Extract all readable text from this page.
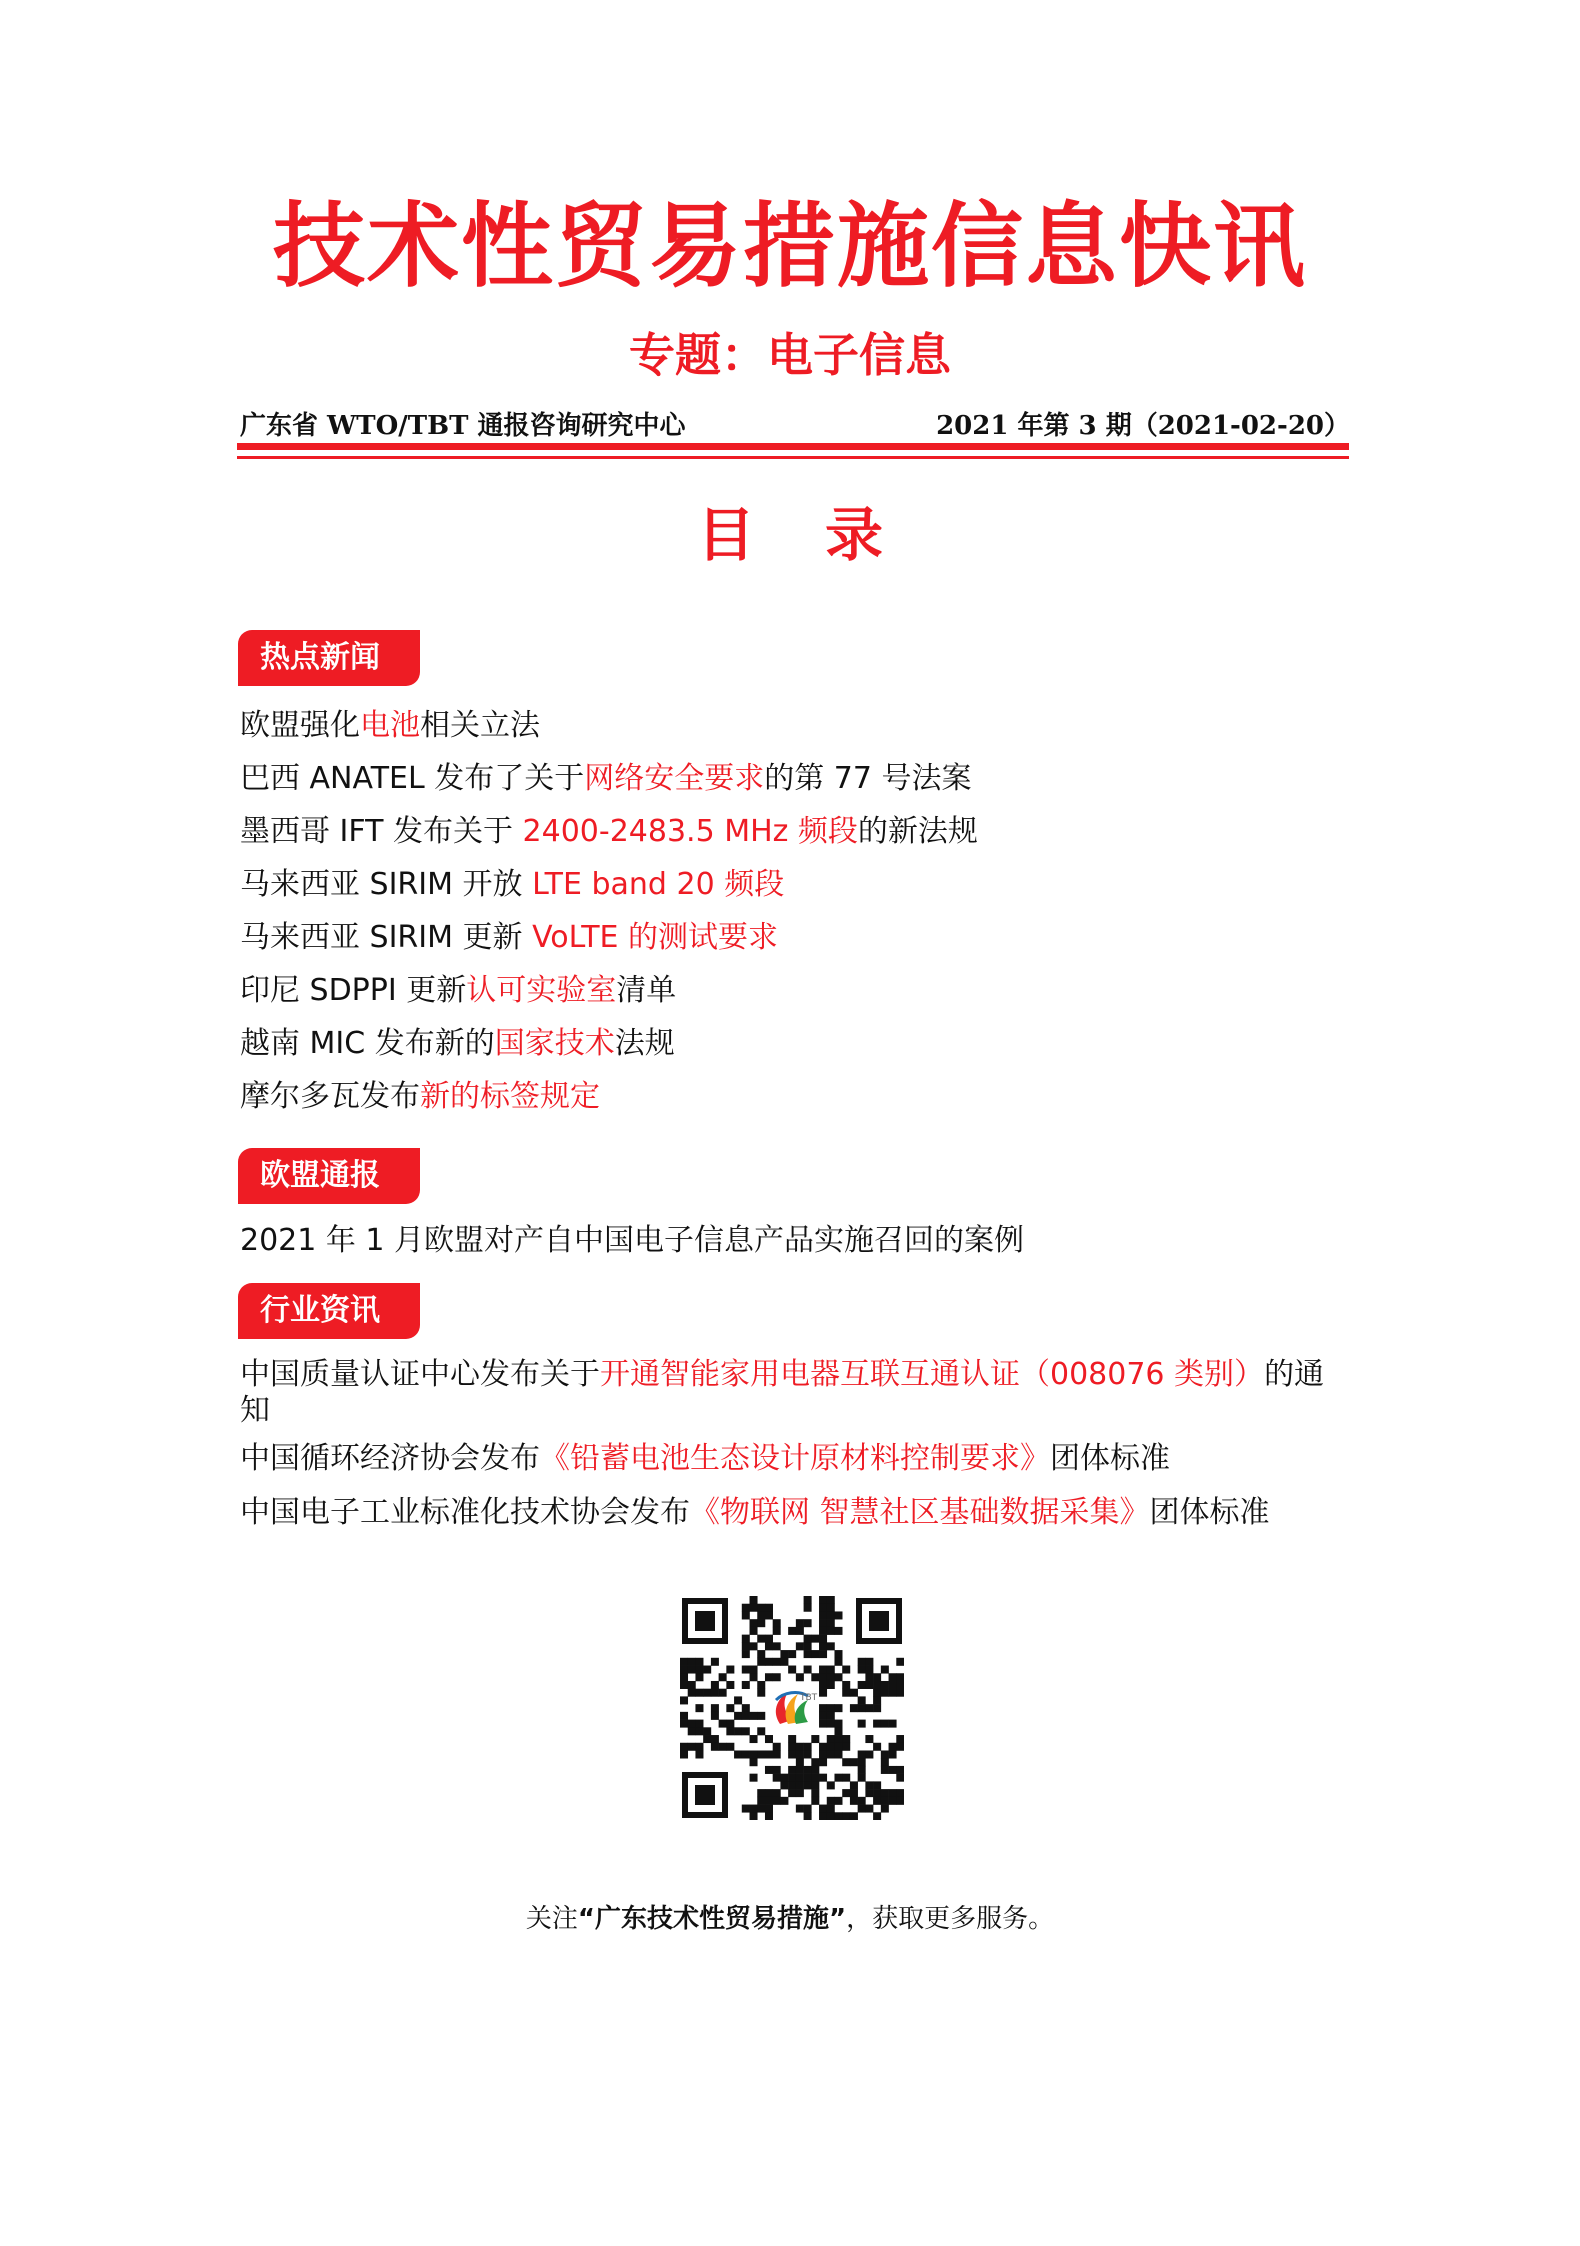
技术性贸易措施信息快讯
专题：电子信息
广东省 WTO/TBT 通报咨询研究中心	2021 年第 3 期（2021-02-20）
目录
热点新闻
欧盟强化电池相关立法
巴西 ANATEL 发布了关于网络安全要求的第 77 号法案
墨西哥 IFT 发布关于 2400-2483.5 MHz 频段的新法规
马来西亚 SIRIM 开放 LTE band 20 频段
马来西亚 SIRIM 更新 VoLTE 的测试要求
印尼 SDPPI 更新认可实验室清单
越南 MIC 发布新的国家技术法规
摩尔多瓦发布新的标签规定
欧盟通报
2021 年 1 月欧盟对产自中国电子信息产品实施召回的案例
行业资讯
中国质量认证中心发布关于开通智能家用电器互联互通认证（008076 类别）的通知
中国循环经济协会发布《铅蓄电池生态设计原材料控制要求》团体标准
中国电子工业标准化技术协会发布《物联网 智慧社区基础数据采集》团体标准
TBT
关注“广东技术性贸易措施”，获取更多服务。
